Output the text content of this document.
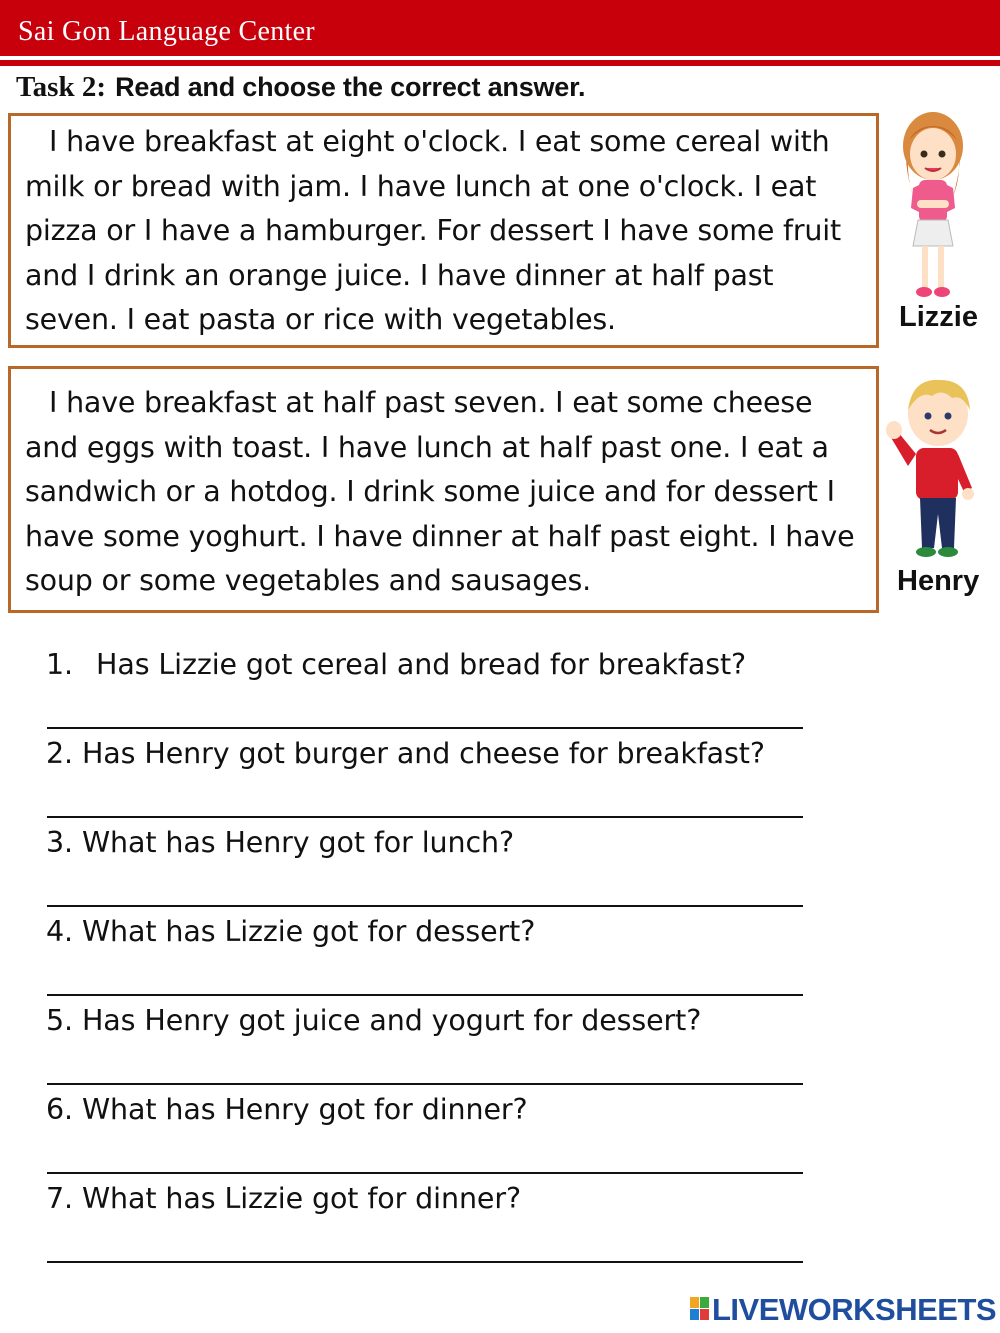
Sai Gon Language Center
Task 2: Read and choose the correct answer.

I have breakfast at eight o'clock. I eat some cereal with milk or bread with jam. I have lunch at one o'clock. I eat pizza or I have a hamburger. For dessert I have some fruit and I drink an orange juice. I have dinner at half past seven. I eat pasta or rice with vegetables.	Lizzie

I have breakfast at half past seven. I eat some cheese and eggs with toast. I have lunch at half past one. I eat a sandwich or a hotdog. I drink some juice and for dessert I have some yoghurt. I have dinner at half past eight. I have soup or some vegetables and sausages.	Henry
1. Has Lizzie got cereal and bread for breakfast?
2. Has Henry got burger and cheese for breakfast?
3. What has Henry got for lunch?
4. What has Lizzie got for dessert?
5. Has Henry got juice and yogurt for dessert?
6. What has Henry got for dinner?
7. What has Lizzie got for dinner?
LIVEWORKSHEETS
